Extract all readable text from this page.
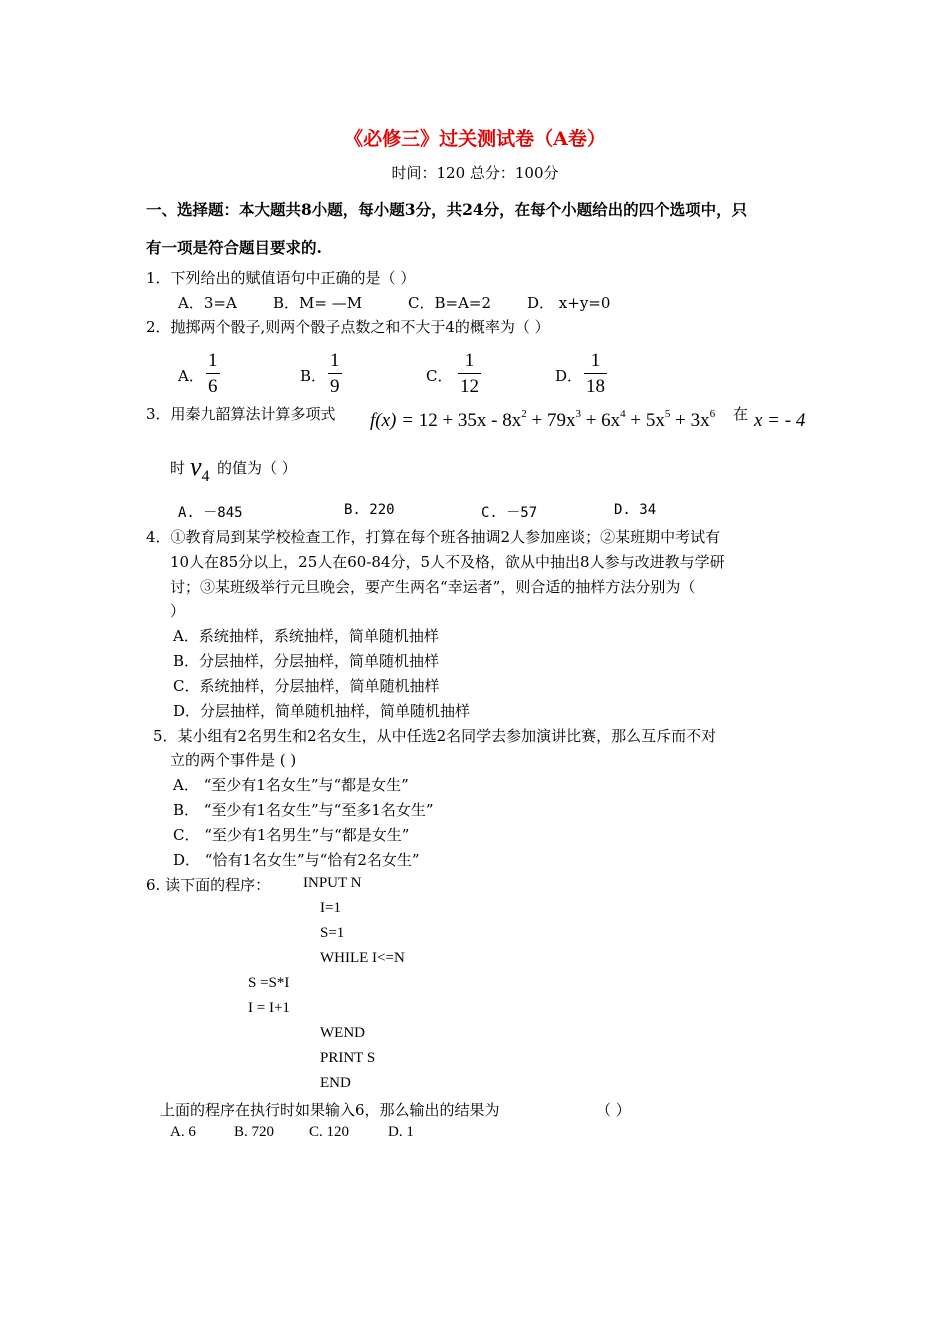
《必修三》过关测试卷（A卷）
时间：120 总分：100分
一、选择题：本大题共8小题，每小题3分，共24分，在每个小题给出的四个选项中，只
有一项是符合题目要求的.
1．下列给出的赋值语句中正确的是（ ）
A．3=A B．M= —M	C．B=A=2 D． x+y=0
2．抛掷两个骰子,则两个骰子点数之和不大于4的概率为（ ）
A．
1
6	B．
1
9	C．
1
12	D．
1
18
3．用秦九韶算法计算多项式 $f(x) = 12 + 35x - 8x^2 + 79x^3 + 6x^4 + 5x^5 + 3x^6$ 在 x = - 4
时 $v_4$ 的值为（ ）
A. －845	B. 220	C. －57	D. 34
4．①教育局到某学校检查工作，打算在每个班各抽调2人参加座谈；②某班期中考试有
10人在85分以上，25人在60-84分，5人不及格，欲从中抽出8人参与改进教与学研
讨；③某班级举行元旦晚会，要产生两名“幸运者”，则合适的抽样方法分别为（
）
A．系统抽样，系统抽样，简单随机抽样
B．分层抽样，分层抽样，简单随机抽样
C．系统抽样，分层抽样，简单随机抽样
D．分层抽样，简单随机抽样，简单随机抽样
5．某小组有2名男生和2名女生，从中任选2名同学去参加演讲比赛，那么互斥而不对
立的两个事件是 ( )
A． “至少有1名女生”与“都是女生”
B． “至少有1名女生”与“至多1名女生”
C． “至少有1名男生”与“都是女生”
D． “恰有1名女生”与“恰有2名女生”
6. 读下面的程序： INPUT N
I=1
S=1
WHILE I<=N
S =S*I
I = I+1
WEND
PRINT S
END
上面的程序在执行时如果输入6，那么输出的结果为	（ ）
A. 6	B. 720 C. 120	D. 1
